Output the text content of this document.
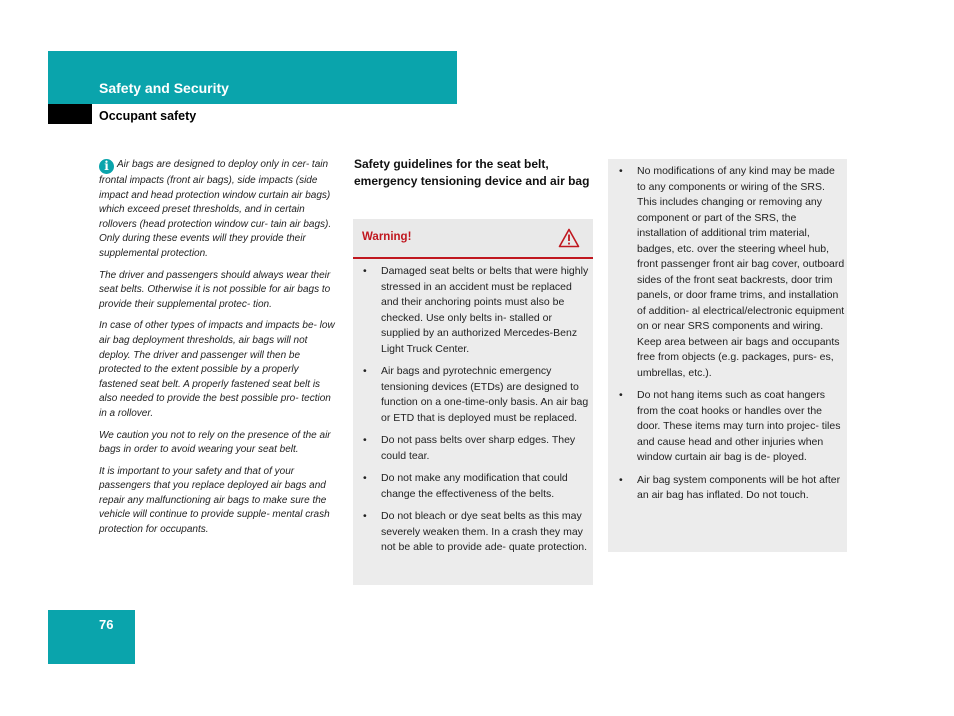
Safety and Security
Occupant safety

i Air bags are designed to deploy only in cer- tain frontal impacts (front air bags), side impacts (side impact and head protection window curtain air bags) which exceed preset thresholds, and in certain rollovers (head protection window cur- tain air bags). Only during these events will they provide their supplemental protection.

The driver and passengers should always wear their seat belts. Otherwise it is not possible for air bags to provide their supplemental protec- tion.

In case of other types of impacts and impacts be- low air bag deployment thresholds, air bags will not deploy. The driver and passenger will then be protected to the extent possible by a properly fastened seat belt. A properly fastened seat belt is also needed to provide the best possible pro- tection in a rollover.

We caution you not to rely on the presence of the air bags in order to avoid wearing your seat belt.

It is important to your safety and that of your passengers that you replace deployed air bags and repair any malfunctioning air bags to make sure the vehicle will continue to provide supple- mental crash protection for occupants.

Safety guidelines for the seat belt, emergency tensioning device and air bag
Warning!
• Damaged seat belts or belts that were highly stressed in an accident must be replaced and their anchoring points must also be checked. Use only belts in- stalled or supplied by an authorized Mercedes-Benz Light Truck Center.
• Air bags and pyrotechnic emergency tensioning devices (ETDs) are designed to function on a one-time-only basis. An air bag or ETD that is deployed must be replaced.
• Do not pass belts over sharp edges. They could tear.
• Do not make any modification that could change the effectiveness of the belts.
• Do not bleach or dye seat belts as this may severely weaken them. In a crash they may not be able to provide ade- quate protection.
• No modifications of any kind may be made to any components or wiring of the SRS. This includes changing or removing any component or part of the SRS, the installation of additional trim material, badges, etc. over the steering wheel hub, front passenger front air bag cover, outboard sides of the front seat backrests, door trim panels, or door frame trims, and installation of addition- al electrical/electronic equipment on or near SRS components and wiring. Keep area between air bags and occupants free from objects (e.g. packages, purs- es, umbrellas, etc.).
• Do not hang items such as coat hangers from the coat hooks or handles over the door. These items may turn into projec- tiles and cause head and other injuries when window curtain air bag is de- ployed.
• Air bag system components will be hot after an air bag has inflated. Do not touch.
76
